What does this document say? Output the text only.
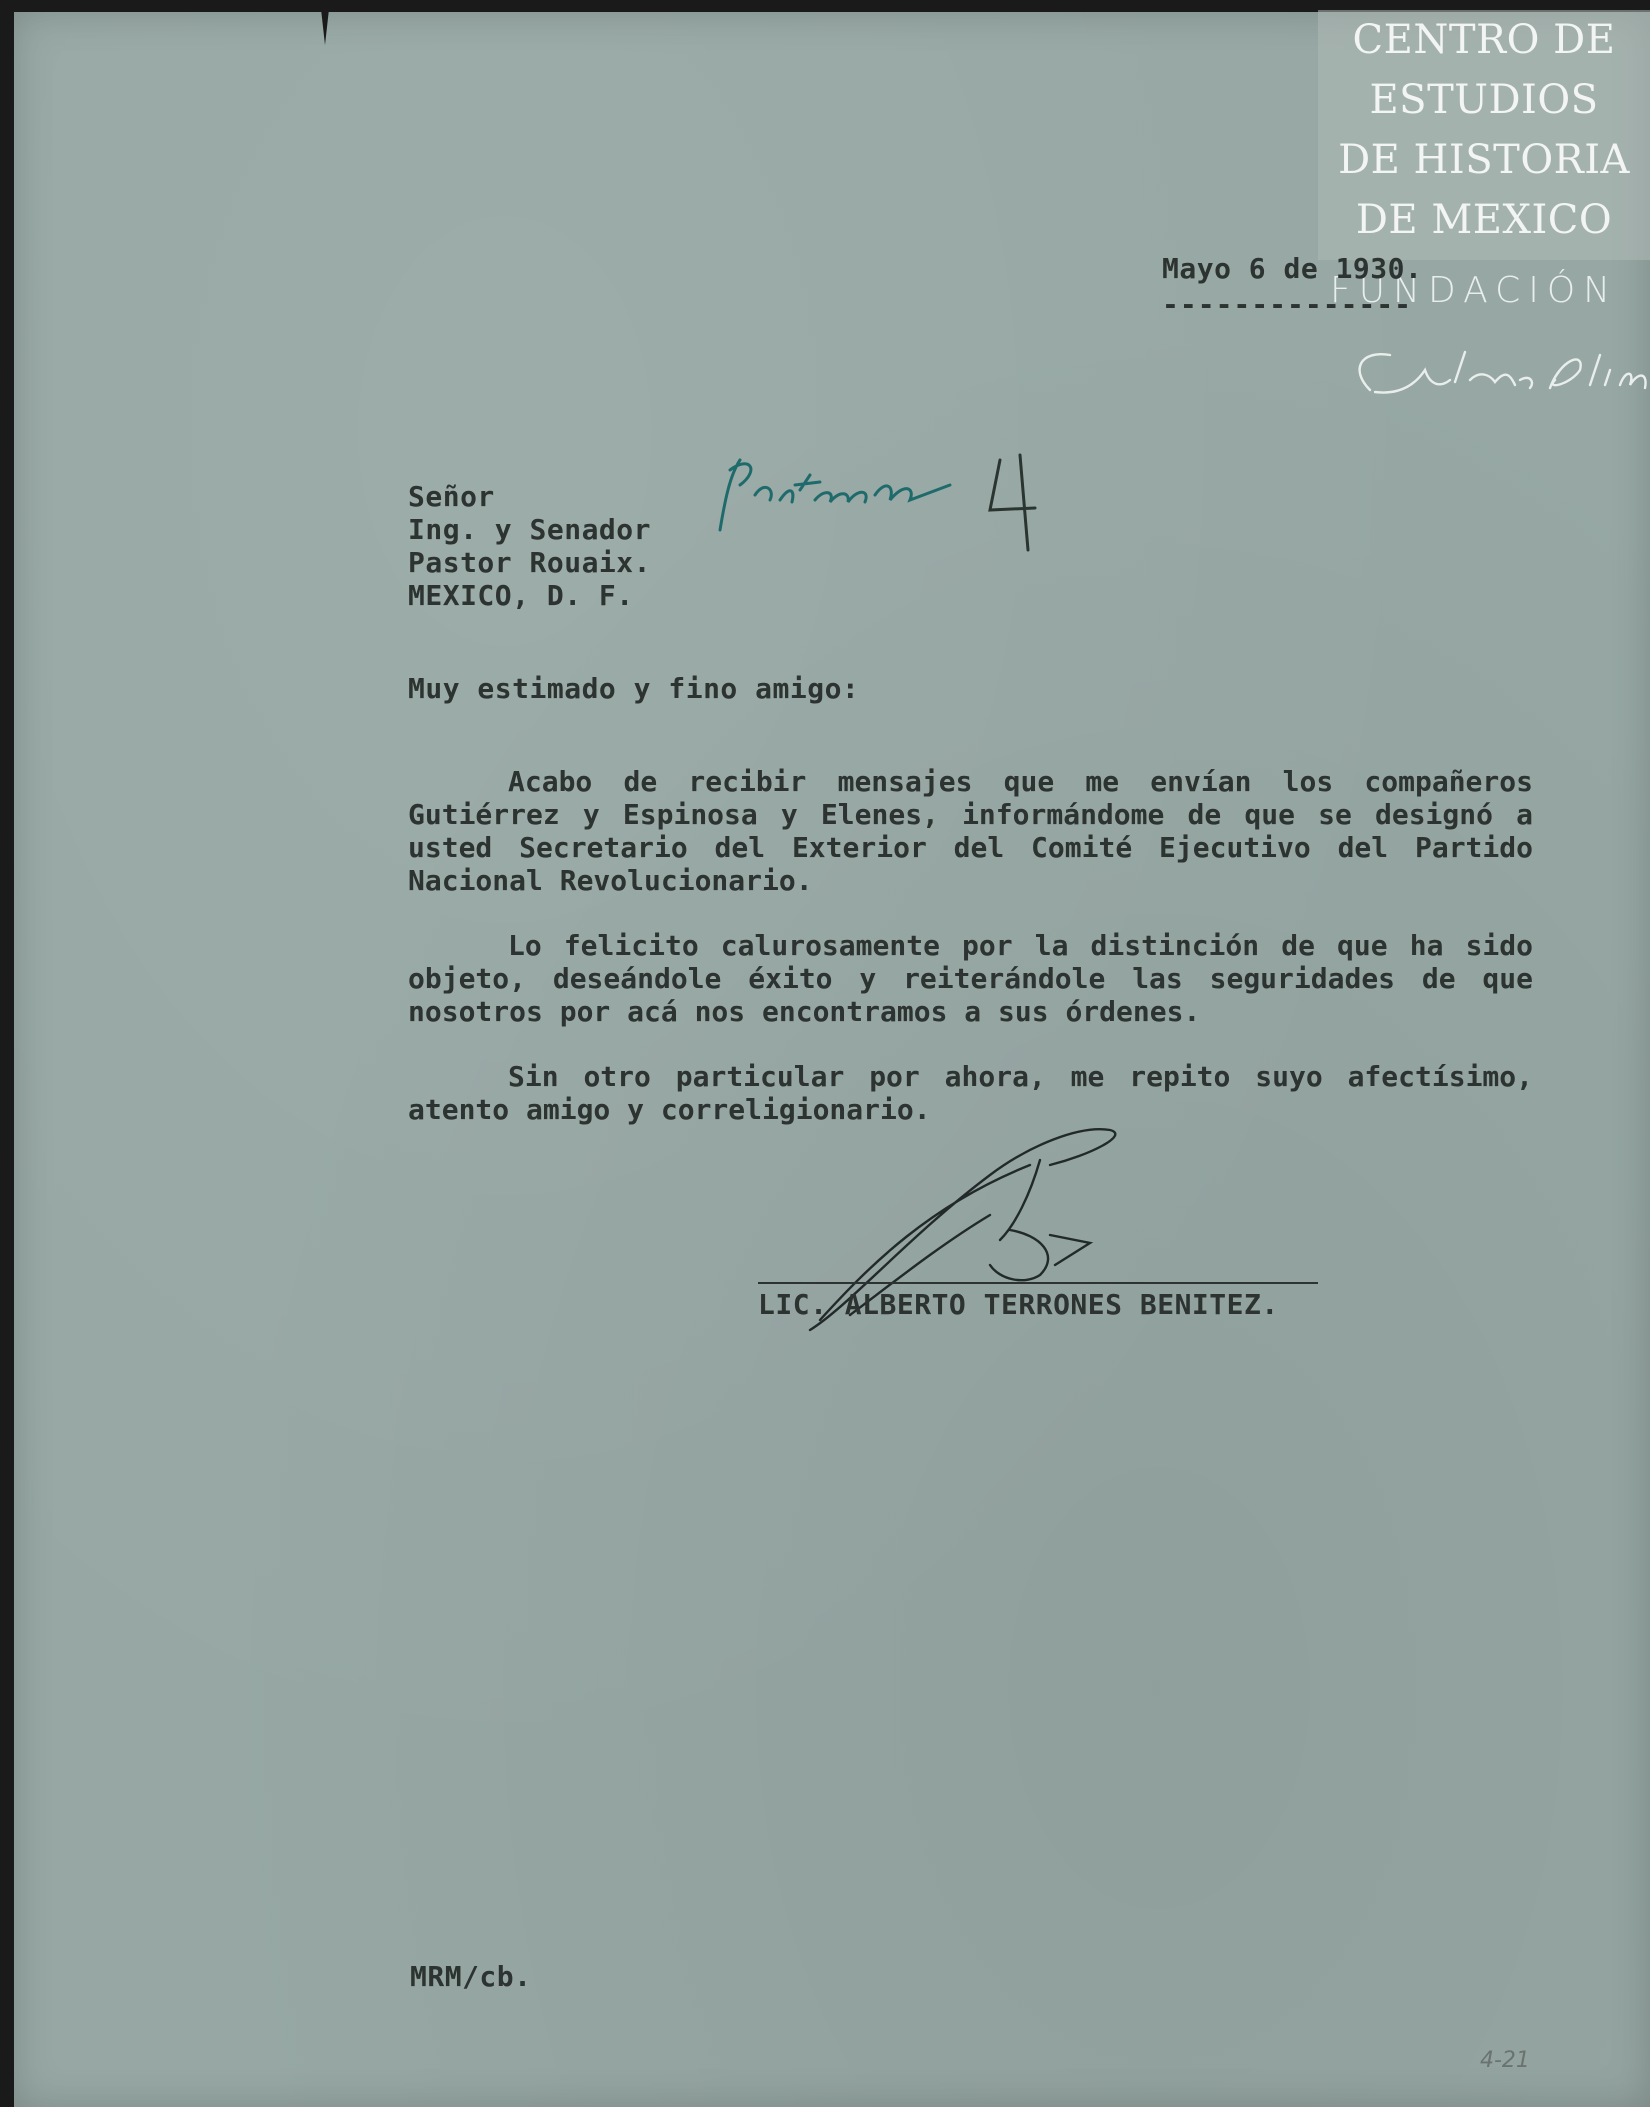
CENTRO DE
ESTUDIOS
DE HISTORIA
DE MEXICO
FUNDACIÓN
Mayo 6 de 1930.
--------------
Señor
Ing. y Senador
Pastor Rouaix.
MEXICO, D. F.
Muy estimado y fino amigo:
Acabo de recibir mensajes que me envían los compañeros Gutiérrez y Espinosa y Elenes, informándome de que se designó a usted Secretario del Exterior del Comité Ejecutivo del Partido Nacional Revolucionario.
Lo felicito calurosamente por la distinción de que ha sido objeto, deseándole éxito y reiterándole las seguridades de que nosotros por acá nos encontramos a sus órdenes.
Sin otro particular por ahora, me repito suyo afectísimo, atento amigo y correligionario.
LIC. ALBERTO TERRONES BENITEZ.
MRM/cb.
4-21
